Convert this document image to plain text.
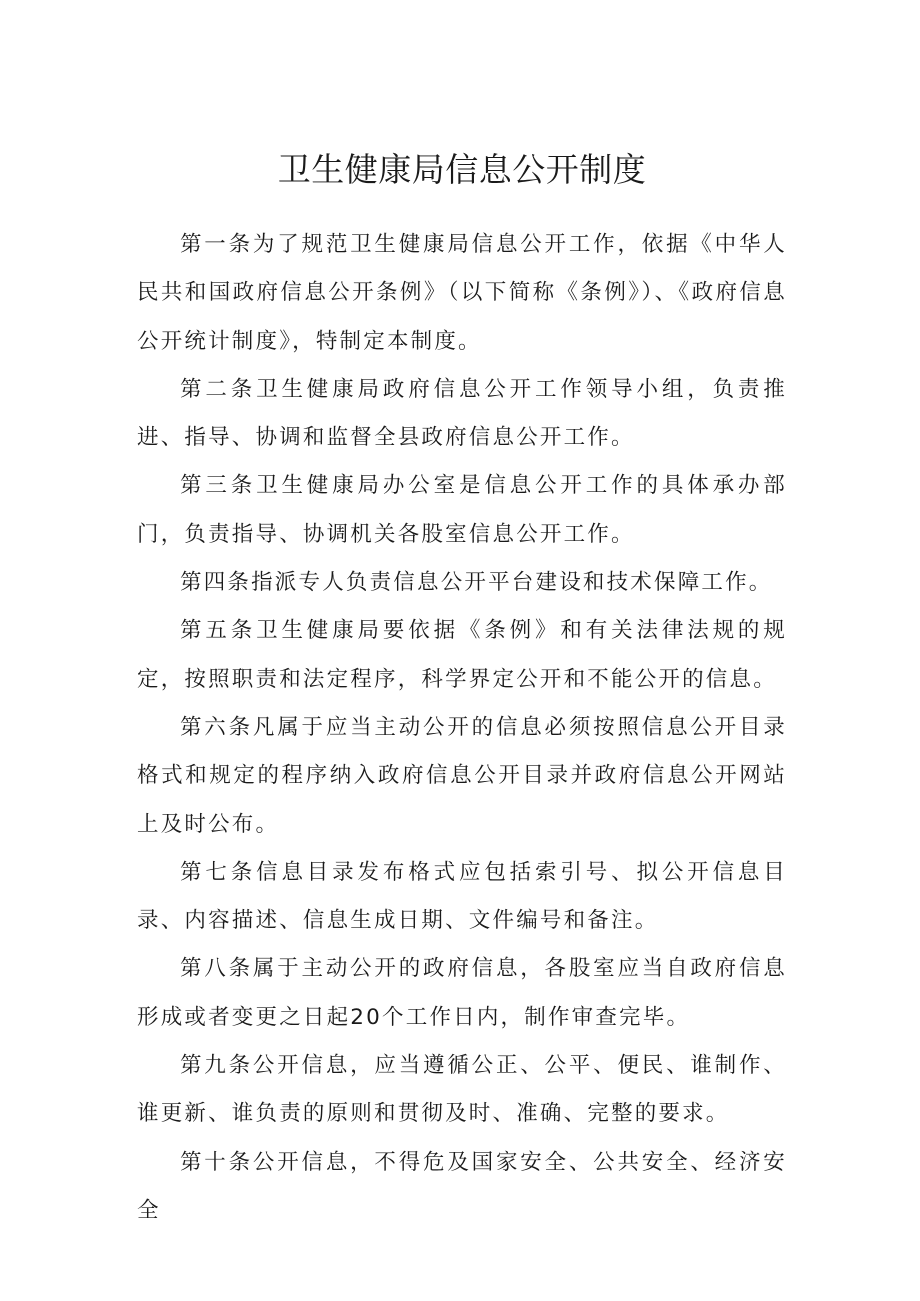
卫生健康局信息公开制度

第一条为了规范卫生健康局信息公开工作，依据《中华人民共和国政府信息公开条例》（以下简称《条例》）、《政府信息公开统计制度》，特制定本制度。

第二条卫生健康局政府信息公开工作领导小组，负责推进、指导、协调和监督全县政府信息公开工作。

第三条卫生健康局办公室是信息公开工作的具体承办部门，负责指导、协调机关各股室信息公开工作。

第四条指派专人负责信息公开平台建设和技术保障工作。

第五条卫生健康局要依据《条例》和有关法律法规的规定，按照职责和法定程序，科学界定公开和不能公开的信息。

第六条凡属于应当主动公开的信息必须按照信息公开目录格式和规定的程序纳入政府信息公开目录并政府信息公开网站上及时公布。

第七条信息目录发布格式应包括索引号、拟公开信息目录、内容描述、信息生成日期、文件编号和备注。

第八条属于主动公开的政府信息，各股室应当自政府信息形成或者变更之日起20个工作日内，制作审查完毕。

第九条公开信息，应当遵循公正、公平、便民、谁制作、谁更新、谁负责的原则和贯彻及时、准确、完整的要求。

第十条公开信息，不得危及国家安全、公共安全、经济安全
